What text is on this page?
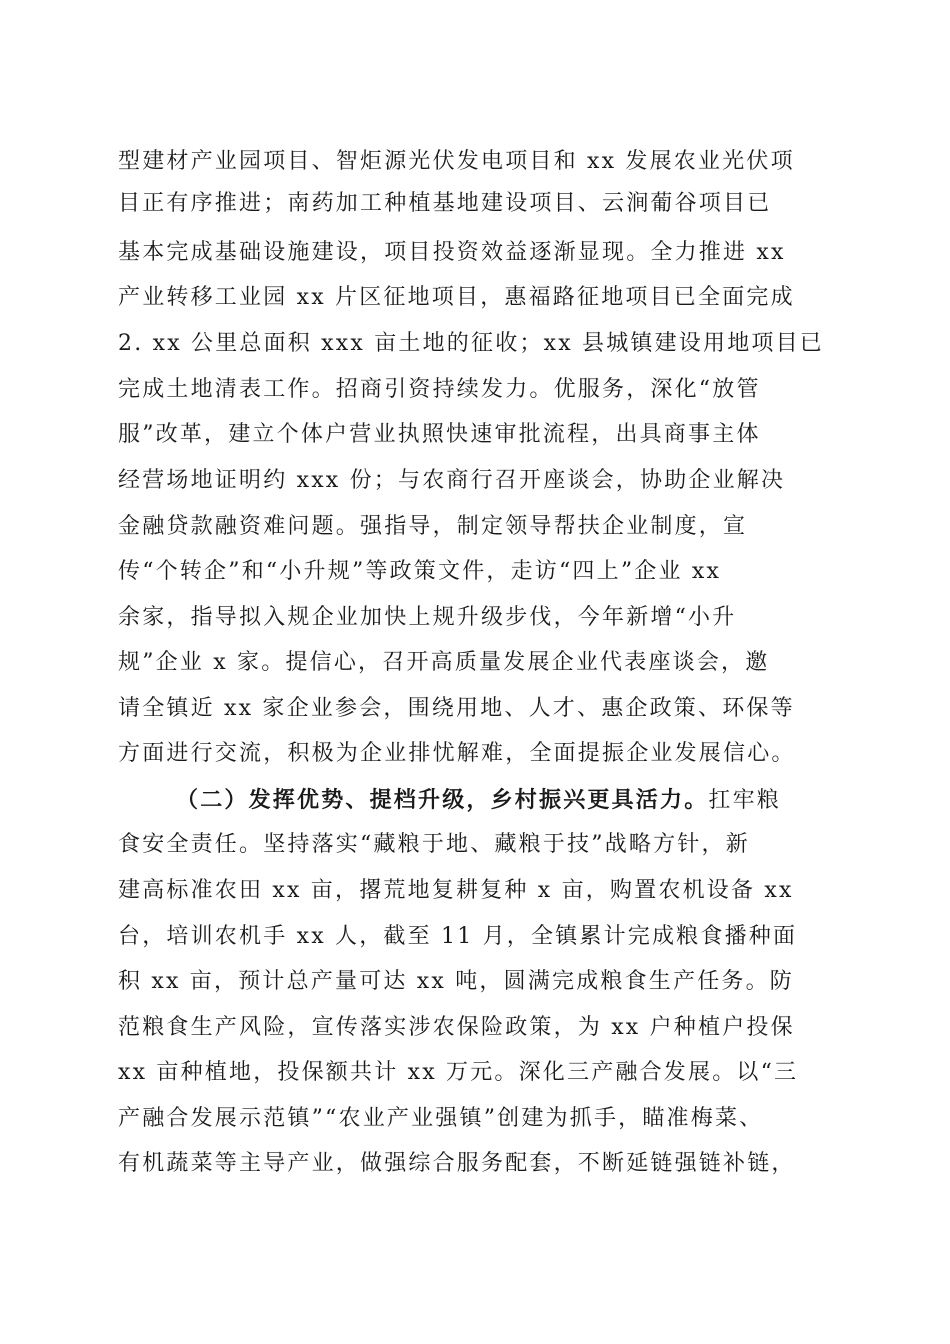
型建材产业园项目、智炬源光伏发电项目和 xx 发展农业光伏项
目正有序推进；南药加工种植基地建设项目、云涧葡谷项目已
基本完成基础设施建设，项目投资效益逐渐显现。全力推进 xx
产业转移工业园 xx 片区征地项目，惠福路征地项目已全面完成
2. xx 公里总面积 xxx 亩土地的征收；xx 县城镇建设用地项目已
完成土地清表工作。招商引资持续发力。优服务，深化“放管
服”改革，建立个体户营业执照快速审批流程，出具商事主体
经营场地证明约 xxx 份；与农商行召开座谈会，协助企业解决
金融贷款融资难问题。强指导，制定领导帮扶企业制度，宣
传“个转企”和“小升规”等政策文件，走访“四上”企业 xx
余家，指导拟入规企业加快上规升级步伐，今年新增“小升
规”企业 x 家。提信心，召开高质量发展企业代表座谈会，邀
请全镇近 xx 家企业参会，围绕用地、人才、惠企政策、环保等
方面进行交流，积极为企业排忧解难，全面提振企业发展信心。
（二）发挥优势、提档升级，乡村振兴更具活力。扛牢粮
食安全责任。坚持落实“藏粮于地、藏粮于技”战略方针，新
建高标准农田 xx 亩，撂荒地复耕复种 x 亩，购置农机设备 xx
台，培训农机手 xx 人，截至 11 月，全镇累计完成粮食播种面
积 xx 亩，预计总产量可达 xx 吨，圆满完成粮食生产任务。防
范粮食生产风险，宣传落实涉农保险政策，为 xx 户种植户投保
xx 亩种植地，投保额共计 xx 万元。深化三产融合发展。以“三
产融合发展示范镇”“农业产业强镇”创建为抓手，瞄准梅菜、
有机蔬菜等主导产业，做强综合服务配套，不断延链强链补链，
